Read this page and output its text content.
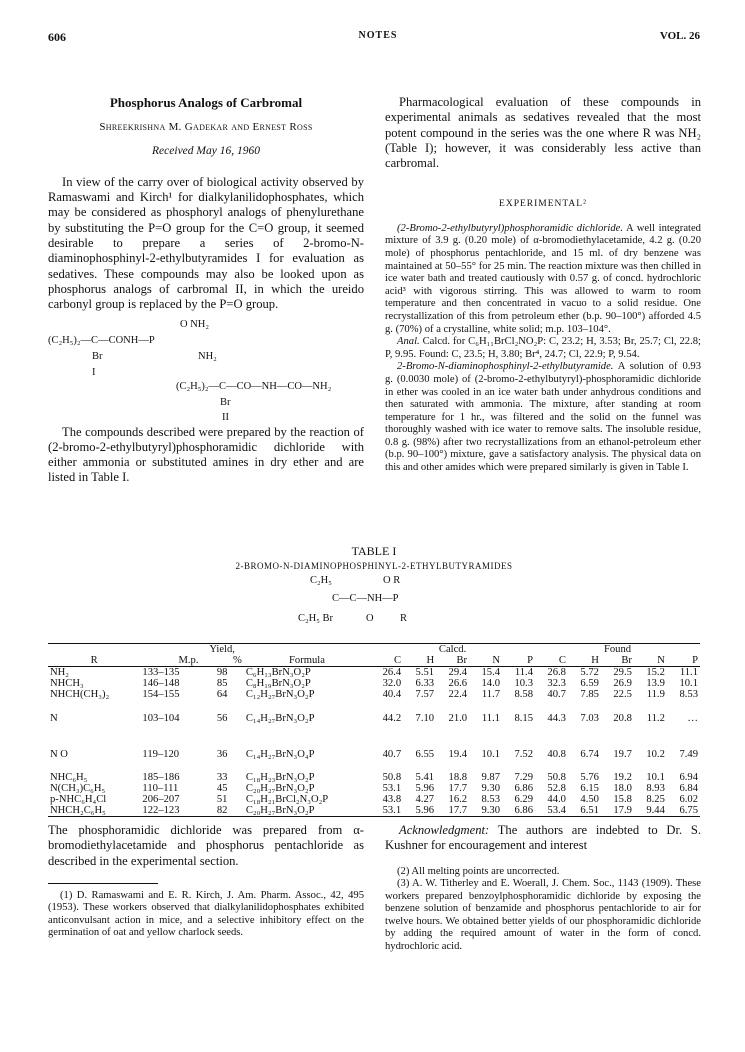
606	NOTES	VOL. 26
Phosphorus Analogs of Carbromal
Shreekrishna M. Gadekar and Ernest Ross
Received May 16, 1960

In view of the carry over of biological activity observed by Ramaswami and Kirch¹ for dialkylanilidophosphates, which may be considered as phosphoryl analogs of phenylurethane by substituting the P=O group for the C=O group, it seemed desirable to prepare a series of 2-bromo-N-diaminophosphinyl-2-ethylbutyramides I for evaluation as sedatives. These compounds may also be looked upon as phosphorus analogs of carbromal II, in which the ureido carbonyl group is replaced by the P=O group.

O NH₂
(C₂H₅)₂—C—CONH—P
Br	NH₂
I
(C₂H₅)₂—C—CO—NH—CO—NH₂
Br
II

The compounds described were prepared by the reaction of (2-bromo-2-ethylbutyryl)phosphoramidic dichloride with either ammonia or substituted amines in dry ether and are listed in Table I.

Pharmacological evaluation of these compounds in experimental animals as sedatives revealed that the most potent compound in the series was the one where R was NH₂ (Table I); however, it was considerably less active than carbromal.

EXPERIMENTAL²

(2-Bromo-2-ethylbutyryl)phosphoramidic dichloride. A well integrated mixture of 3.9 g. (0.20 mole) of α-bromodiethylacetamide, 4.2 g. (0.20 mole) of phosphorus pentachloride, and 15 ml. of dry benzene was maintained at 50–55° for 25 min. The reaction mixture was then chilled in ice water bath and treated cautiously with 0.57 g. of concd. hydrochloric acid³ with vigorous stirring. This was allowed to warm to room temperature and then concentrated in vacuo to a solid residue. One recrystallization of this from petroleum ether (b.p. 90–100°) afforded 4.5 g. (70%) of a crystalline, white solid; m.p. 103–104°.

Anal. Calcd. for C₆H₁₁BrCl₂NO₂P: C, 23.2; H, 3.53; Br, 25.7; Cl, 22.8; P, 9.95. Found: C, 23.5; H, 3.80; Br⁴, 24.7; Cl, 22.9; P, 9.54.

2-Bromo-N-diaminophosphinyl-2-ethylbutyramide. A solution of 0.93 g. (0.0030 mole) of (2-bromo-2-ethylbutyryl)-phosphoramidic dichloride in ether was cooled in an ice water bath under anhydrous conditions and then saturated with ammonia. The mixture, after standing at room temperature for 1 hr., was filtered and the solid on the funnel was thoroughly washed with ice water to remove salts. The insoluble residue, 0.8 g. (98%) after two recrystallizations from an ethanol-petroleum ether (b.p. 90–100°) mixture, gave a satisfactory analysis. The physical data on this and other amides which were prepared similarly is given in Table I.

TABLE I
2-BROMO-N-DIAMINOPHOSPHINYL-2-ETHYLBUTYRAMIDES
C₂H₅	O R
C—C—NH—P
C₂H₅ Br	O	R
		Yield,		Calcd.					Found				
R	M.p.	%	Formula	C	H	Br	N	P	C	H	Br	N	P
NH₂	133–135	98	C₆H₁₃BrN₃O₂P	26.4	5.51	29.4	15.4	11.4	26.8	5.72	29.5	15.2	11.1
NHCH₃	146–148	85	C₈H₁₉BrN₃O₂P	32.0	6.33	26.6	14.0	10.3	32.3	6.59	26.9	13.9	10.1
NHCH(CH₃)₂	154–155	64	C₁₂H₂₇BrN₃O₂P	40.4	7.57	22.4	11.7	8.58	40.7	7.85	22.5	11.9	8.53
N	103–104	56	C₁₄H₂₇BrN₃O₂P	44.2	7.10	21.0	11.1	8.15	44.3	7.03	20.8	11.2	…
N O	119–120	36	C₁₄H₂₇BrN₃O₄P	40.7	6.55	19.4	10.1	7.52	40.8	6.74	19.7	10.2	7.49
NHC₆H₅	185–186	33	C₁₈H₂₃BrN₃O₂P	50.8	5.41	18.8	9.87	7.29	50.8	5.76	19.2	10.1	6.94
N(CH₃)C₆H₅	110–111	45	C₂₀H₂₇BrN₃O₂P	53.1	5.96	17.7	9.30	6.86	52.8	6.15	18.0	8.93	6.84
p-NHC₆H₄Cl	206–207	51	C₁₈H₂₁BrCl₂N₃O₂P	43.8	4.27	16.2	8.53	6.29	44.0	4.50	15.8	8.25	6.02
NHCH₂C₆H₅	122–123	82	C₂₀H₂₇BrN₃O₂P	53.1	5.96	17.7	9.30	6.86	53.4	6.51	17.9	9.44	6.75

The phosphoramidic dichloride was prepared from α-bromodiethylacetamide and phosphorus pentachloride as described in the experimental section.

(1) D. Ramaswami and E. R. Kirch, J. Am. Pharm. Assoc., 42, 495 (1953). These workers observed that dialkylanilidophosphates exhibited anticonvulsant action in mice, and a selective inhibitory effect on the germination of oat and yellow charlock seeds.

Acknowledgment: The authors are indebted to Dr. S. Kushner for encouragement and interest

(2) All melting points are uncorrected.

(3) A. W. Titherley and E. Woerall, J. Chem. Soc., 1143 (1909). These workers prepared benzoylphosphoramidic dichloride by exposing the benzene solution of benzamide and phosphorus pentachloride to air for twelve hours. We obtained better yields of our phosphoramidic dichloride by adding the required amount of water in the form of concd. hydrochloric acid.
